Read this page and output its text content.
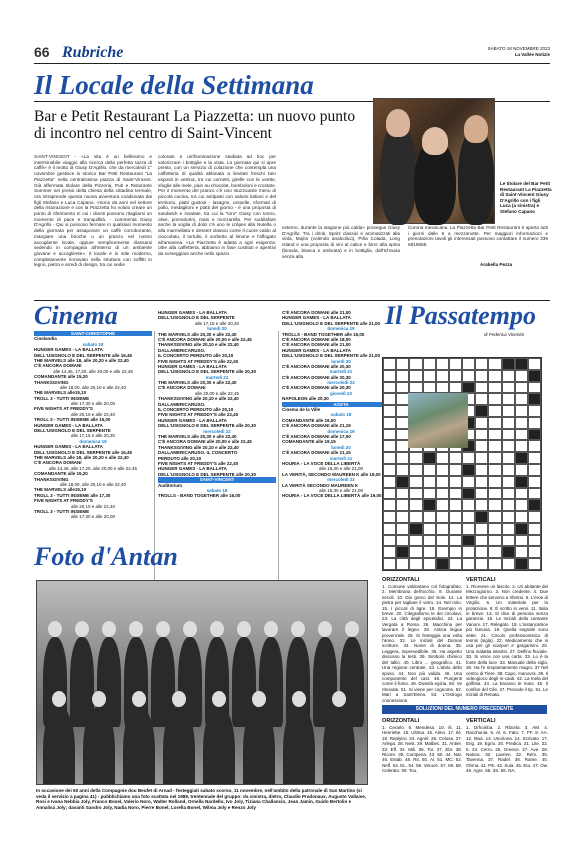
66 Rubriche	SABATO 18 NOVEMBRE 2023
La Vallée Notizie
Il Locale della Settimana
Bar e Petit Restaurant La Piazzetta: un nuovo punto di incontro nel centro di Saint-Vincent
Le titolare del Bar Petit Restaurant La Piazzetta di Saint-Vincent Giusy D'Agrillo con i figli Luca (a sinistra) e Stefano Capano
SAINT-VINCENT - «La vita è un bellissimo e interminabile viaggio alla ricerca della perfetta tazza di caffè» è il motto di Giusy D'Agrillo, che da mercoledì 1° novembre gestisce lo storico Bar Petit Restaurant "La Piazzetta" nella centralissima piazza di Saint-Vincent. Già affermata titolare della Pizzeria, Pub e Ristorante Summer nei pressi della chiesa della cittadina termale, ora intraprende questa nuova avventura coadiuvata dai figli Stefano e Luca Capano. «Sono da anni nel settore della ristorazione e con la Piazzetta ho voluto creare un punto di riferimento in cui i clienti possono ritagliarsi un momento di pace e tranquillità. - commenta Giusy D'Agrillo - Qui si possono fermare in qualsiasi momento della giornata per assaporare un caffè corroborante, mangiare una brioche o un pranzo nel nostro accogliente locale, oppure semplicemente rilassarsi sedendo in compagnia all'interno di un ambiente giovane e accogliente». Il locale è in stile moderno, completamente rinnovato nella struttura con soffitti in legno, pietra e arredi di design, tra cui sedie
colorate e un'illuminazione studiata ad hoc per valorizzare i bottiglie e la vista. La giornata qui si apre presto, con un servizio di colazione che contempla una caffetteria di qualità abbinata a lievitati freschi ben esposti in vetrina, tra cui cornetti, girelle con le uvette, sfoglie alle mele, pain au chocolat, bomboloni e crostate. Per il momento del pranzo c'è uno stuzzicante menu di piccola cucina, tra cui antipasti con salumi italiani e del territorio, piatti gustosi - lasagne, cerpelle, sformati di pollo, medaglioni e piatti del giorno - e una proposta di sandwich e insalate, tra cui la "toro" Giusy con tonno, olive, pomodorini, mais e mozzarella. Per soddisfare anche la voglia di dolci c'è uno le crêpes alla Nutella o alla marmellata e dessert classici come il cuore caldo al cioccolato, il tortullo, il sorbetto al limone e l'affogato all'amarena. «La Piazzetta è adatta a ogni esigenza: oltre alla caffetteria, abbiamo in fase costituti e aperitivi da sorseggiare anche nello spazio
esterno, durante la stagione più calda» prosegue Giusy D'Agrillo. Tra i drink, Spritz classici e aromatizzati alla viola, Mojito (volendo analcolico), Piña Colada, Long Island e una proposta di vini al calice e birre alla spina (bionda, bianca e ambrata) e in bottiglia, dall'Ichnusa senza alla
Corona messicana. La Piazzetta Bar Petit Restaurant è aperta tutti i giorni dalle 6 a mezzanotte. Per maggiori informazioni e prenotazioni tavoli gli interessati possono contattare il numero 339 6816559.
Arabella Pezza
Cinema
SAINT-CHRISTOPHE
Cinelandia
sabato 18
HUNGER GAMES - LA BALLATA
DELL'USIGNOLO E DEL SERPENTE alle 16,45
THE MARVELS alle 18, alle 20,20 e alle 22,40
C'È ANCORA DOMANI
alle 14,45, 17,20, alle 20,00 e alle 22,45
COMANDANTE alle 15,20
THANKSGIVING
alle 18,00, alle 20,10 e alle 22,40
THE MARVELS alle15,10
TROLL 3 - TUTTI INSIEME
alle 17,30 e alle 20,00
FIVE NIGHTS AT FREDDY'S
alle 20,10 e alle 22,40
TROLL 3 - TUTTI INSIEME alle 15,00
HUNGER GAMES - LA BALLATA
DELL'USIGNOLO E DEL SERPENTE
alle 17,15 e alle 20,30
domenica 19
HUNGER GAMES - LA BALLATA
DELL'USIGNOLO E DEL SERPENTE alle 16,45
THE MARVELS alle 18, alle 20,20 e alle 22,40
C'È ANCORA DOMANI
alle 14,45, alle 17,20, alle 20,00 e alle 22,45
COMANDANTE alle 15,20
THANKSGIVING
alle 18,00, alle 20,10 e alle 22,40
THE MARVELS alle15,10
TROLL 3 - TUTTI INSIEME alle 17,30
FIVE NIGHTS AT FREDDY'S
alle 20,10 e alle 22,40
TROLL 3 - TUTTI INSIEME
alle 17,30 e alle 20,00
HUNGER GAMES - LA BALLATA
DELL'USIGNOLO E DEL SERPENTE
alle 17,15 e alle 20,30
lunedì 20
THE MARVELS alle 20,30 e alle 22,40
C'È ANCORA DOMANI alle 20,00 e alle 22,45
THANKSGIVING alle 20,10 e alle 22,40
DALLAMERICARUSO.
IL CONCERTO PERDUTO alle 20,10
FIVE NIGHTS AT FREDDY'S alle 22,40
HUNGER GAMES - LA BALLATA
DELL'USIGNOLO E DEL SERPENTE alle 20,30
martedì 21
THE MARVELS alle 20,30 e alle 22,40
C'È ANCORA DOMANI
alle 20,00 e alle 22,45
THANKSGIVING alle 20,10 e alle 22,40
DALLAMERICARUSO.
IL CONCERTO PERDUTO alle 20,10
FIVE NIGHTS AT FREDDY'S alle 22,40
HUNGER GAMES - LA BALLATA
DELL'USIGNOLO E DEL SERPENTE alle 20,30
mercoledì 22
THE MARVELS alle 20,30 e alle 22,40
C'È ANCORA DOMANI alle 20,00 e alle 22,45
THANKSGIVING alle 20,10 e alle 22,40
DALLAMERICARUSO. IL CONCERTO
PERDUTO alle 20,10
FIVE NIGHTS AT FREDDY'S alle 22,40
HUNGER GAMES - LA BALLATA
DELL'USIGNOLO E DEL SERPENTE alle 20,30
SAINT-VINCENT
Auditorium
sabato 18
TROLLS - BAND TOGETHER alle 16,00
C'È ANCORA DOMANI alle 21,00
HUNGER GAMES - LA BALLATA
DELL'USIGNOLO E DEL SERPENTE alle 21,00
domenica 19
TROLLS - BAND TOGETHER alle 16,00
C'È ANCORA DOMANI alle 18,00
C'È ANCORA DOMANI alle 21,00
HUNGER GAMES - LA BALLATA
DELL'USIGNOLO E DEL SERPENTE alle 21,00
lunedì 20
C'È ANCORA DOMANI alle 20,30
martedì 21
C'È ANCORA DOMANI alle 20,30
mercoledì 22
C'È ANCORA DOMANI alle 20,30
giovedì 23
NAPOLEON alle 20,30
AOSTA
Cinema de la Ville
sabato 18
COMANDANTE alle 19,00
C'È ANCORA DOMANI alle 21,15
domenica 19
C'È ANCORA DOMANI alle 17,00
COMANDANTE alle 19,15
lunedì 20
C'È ANCORA DOMANI alle 21,15
martedì 21
HOURIA - LA VOCE DELLA LIBERTÀ
alle 15,30 e alle 21,00
LA VERITÀ, SECONDO MAUREEN K alle 19,00
mercoledì 22
LA VERITÀ SECONDO MAUREEN K
alle 15,30 e alle 21,00
HOURIA - LA VOCE DELLA LIBERTÀ alle 19,00
Il Passatempo
di Federica Vicentin
ORIZZONTALI
1. Comune valdostano col fotografato. 2. Membrana dell'occhio. 9. Durante secoli. 10. Dio greco del Sole. 12. La pietra per tagliare il vetro. 14. Nel mito. 15. I piccoli di tigre. 18. Esempio in breve. 20. Cilegrafismo le dei circolavi. 23. La città degli epicetidici. 24. La Vergata a Roma. 26. Macchina per lavorare il legno. 28. Antica lingua provenzale. 29. Si festeggia una volta l'anno. 32. Le iniziali del Dumas scrittore. 34. Nome di donna. 35. Leggera, imprevedibile. 36. Ha aspetto discusso la testi. 39. Simbolo chimico del tallio. 40. Libro ... geografico. 41. Una regione centrale. 43. L'abito dello sposo. 44. Non più valida. 46. Una componente del cast. 48. Pungenti come il fumo. 49. Divinità egizia. 50. Ve ritrovate. 51. Si viene per cognome. 52. Mari a Sant'Elena. 53. L'Ostrogo connessione.
VERTICALI
1. Ricevere un lascito. 2. Un abitante del Mezzogiorno. 3. Non credente. 4. Due lettere che servono a riferirsi. 5. L'eroe di Virgilio. 6. Un materiale per la protezione. 8. È scritto in versi. 11. Italia in breve. 13. Si dice di persona senza garanzie. 16. Le iniziali della cantante Vanoni. 17. Relegato. 18. L'instancatrice più famosa. 19. Quella segnale sono sette. 21. Circolo professionistico di tennis (sigla). 22. Medicamento che si usa per gli scarpori e gargarismi. 25. Una malattia intestin. 27. Delfino fluviale. 30. Si vince con una carta. 33. Lo è la fonte della luce. 33. Manuale della sigla. 36. Ha l'e rimpiantamente magro. 37 Nel centro di Tiere. 38. Capo, manovra. 39. Il videogioco degli in-cauti. 42. La mela del golfista. 44. La baciano le mani. 45. Il confine del Cile. 47. Precede il tip. 51. Le iniziali di Renata.
SOLUZIONI DEL NUMERO PRECEDENTE
ORIZZONTALI
1. Cerarlo. 9. Mendesa. 10. Ili. 11. Henriette. 15. Ultima. 16. Almo. 17. Ilé. 18. Replytro. 24. Agnel. 26. Celosa. 27. Arlega. 28. Nest. 29. Malbec. 31. Antier. 33. Eff. 34. Mili. 36. Tor. 37. Ebr. 38. Ricore. 39. Compena. 43. 50. 44. Nat. 46. Estab. 48. Rit. 50. Al. 51. MC. 52. Nelf. 53. EL. 54. 56. Veruce. 57. MI. 58. Celerato. 59. Tou.
VERTICALI
1. Orhoinba. 2. Riborla. 3. AM. 4. Racchunia. 5. Al. 6. Fato. 7. FF. 8. AA. 12. Mua. 13. Unoriona. 14. Scrivato. 17. Erig. 19. Egrio. 20. Predica. 21. Lite. 22. 5. 23. Cerro. 25. Greece. 27. Ave. 28. Natura. 30. Lavrien. 32. Rem. 35. Tavenna. 37. Radel. 38. Rame. 40. Ohma. 41. PE. 42. Sula. 45. Eto. 47. Ow. 49. Agre. 55. 3S. 56. NA.
Foto d'Antan
In occasione dei 60 anni della Compagnie dou Beufet di Arnad - festeggiati sabato scorso, 11 novembre, nell'ambito della patronale di San Martino (si veda il servizio a pagina 41) - pubblichiamo una foto scattata nel 1988, trentennale del gruppo: da sinistra, dietro, Claudio Pradonaux, Augusto Vallaise, Rosi e Ivana Nebbia Joly, Franco Bosel, Valerio Noro, Walter Rolland, Ornella Nardello, Ivo Joly, Tiziana Challancin, Jean Jamin, Guido Bertolin e Annalisa Joly; davanti Sandro Joly, Nadia Noro, Pierre Bonel, Lorella Bonel, Wilma Joly e Renzo Joly
